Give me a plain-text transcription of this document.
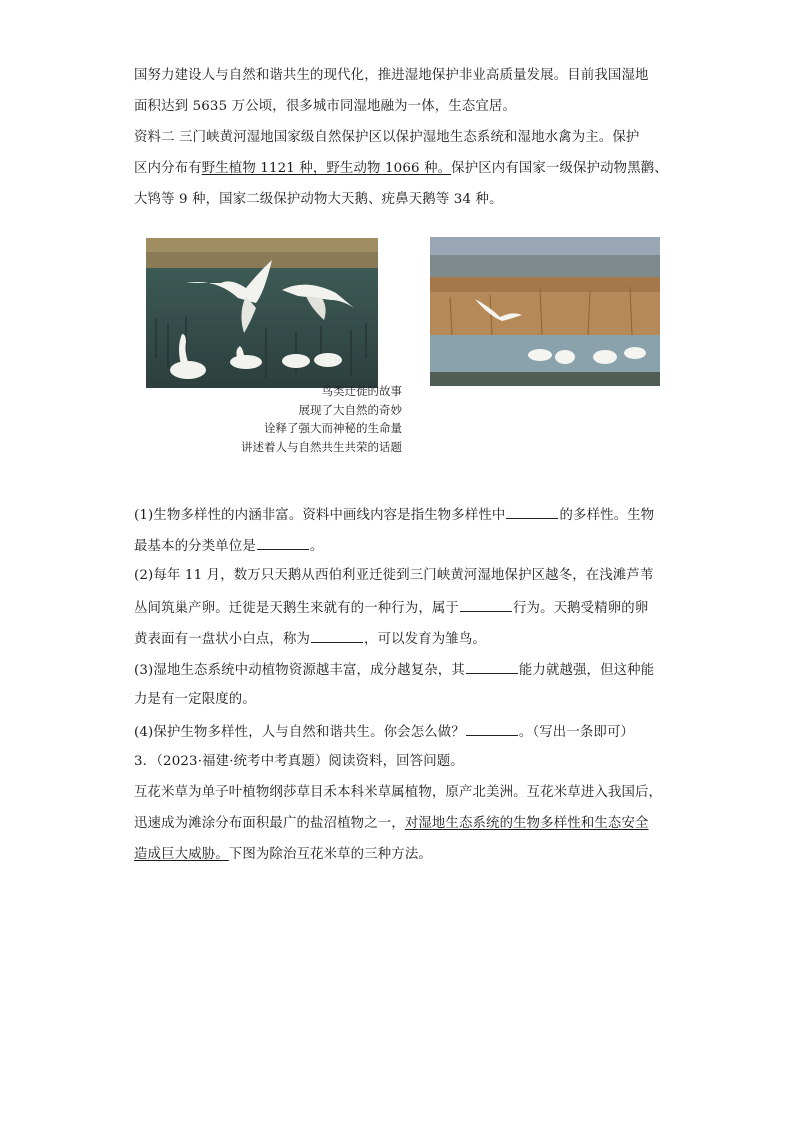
国努力建设人与自然和谐共生的现代化，推进湿地保护非业高质量发展。目前我国湿地
面积达到 5635 万公顷，很多城市同湿地融为一体，生态宜居。
资料二 三门峡黄河湿地国家级自然保护区以保护湿地生态系统和湿地水禽为主。保护
区内分布有野生植物 1121 种，野生动物 1066 种。保护区内有国家一级保护动物黑鹳、
大鸨等 9 种，国家二级保护动物大天鹅、疣鼻天鹅等 34 种。
鸟类迁徙的故事
展现了大自然的奇妙
诠释了强大而神秘的生命量
讲述着人与自然共生共荣的话题
(1)生物多样性的内涵非富。资料中画线内容是指生物多样性中	的多样性。生物
最基本的分类单位是	。
(2)每年 11 月，数万只天鹅从西伯利亚迁徙到三门峡黄河湿地保护区越冬，在浅滩芦苇
丛间筑巢产卵。迁徙是天鹅生来就有的一种行为，属于	行为。天鹅受精卵的卵
黄表面有一盘状小白点，称为	，可以发育为雏鸟。
(3)湿地生态系统中动植物资源越丰富，成分越复杂，其	能力就越强，但这种能
力是有一定限度的。
(4)保护生物多样性，人与自然和谐共生。你会怎么做？	。（写出一条即可）
3．（2023·福建·统考中考真题）阅读资料，回答问题。
互花米草为单子叶植物纲莎草目禾本科米草属植物，原产北美洲。互花米草进入我国后，
迅速成为滩涂分布面积最广的盐沼植物之一，对湿地生态系统的生物多样性和生态安全
造成巨大威胁。下图为除治互花米草的三种方法。
